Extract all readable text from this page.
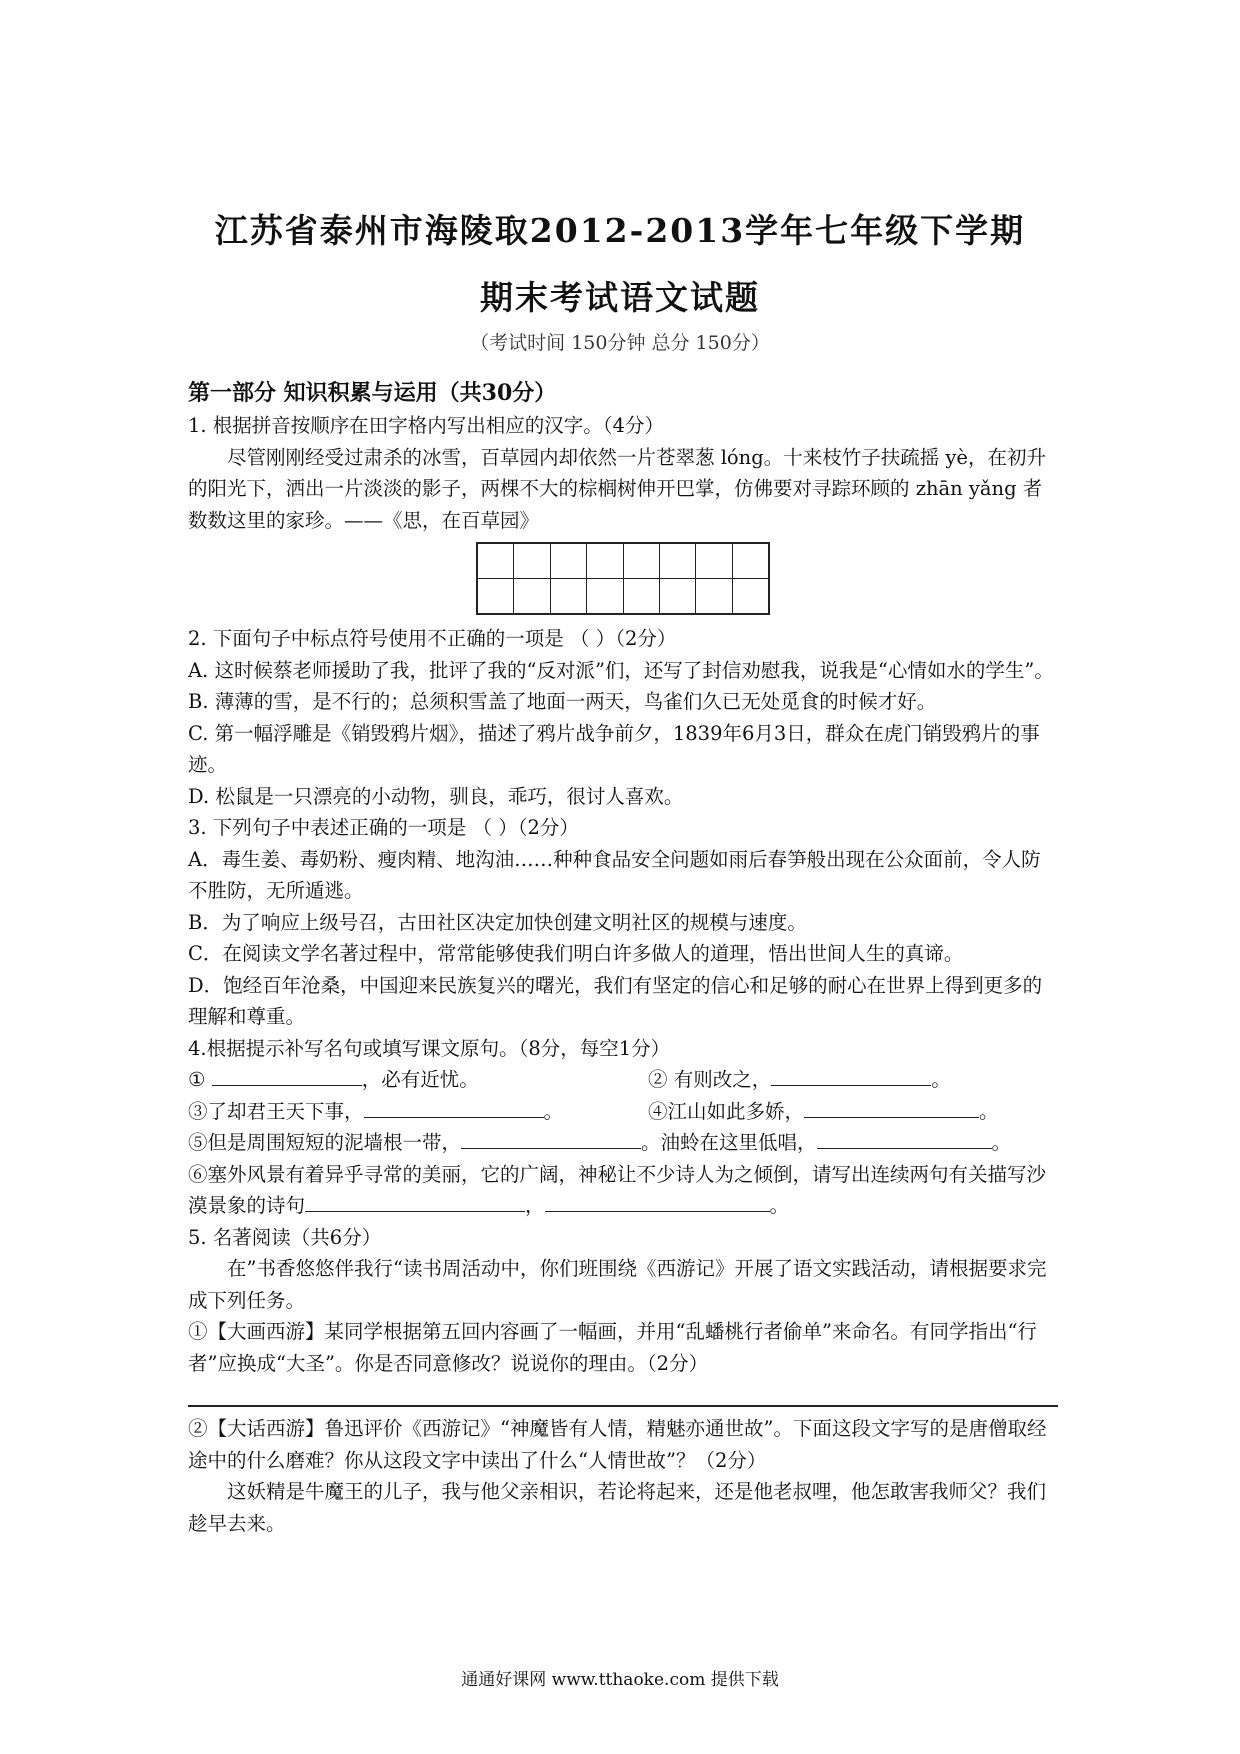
江苏省泰州市海陵取2012-2013学年七年级下学期
期末考试语文试题
（考试时间 150分钟 总分 150分）

第一部分 知识积累与运用（共30分）

1. 根据拼音按顺序在田字格内写出相应的汉字。（4分）

尽管刚刚经受过肃杀的冰雪，百草园内却依然一片苍翠葱 lóng。十来枝竹子扶疏摇 yè，在初升的阳光下，洒出一片淡淡的影子，两棵不大的棕榈树伸开巴掌，仿佛要对寻踪环顾的 zhān yǎng 者数数这里的家珍。——《思，在百草园》

2. 下面句子中标点符号使用不正确的一项是 （ ）（2分）

A. 这时候蔡老师援助了我，批评了我的“反对派”们，还写了封信劝慰我，说我是“心情如水的学生”。

B. 薄薄的雪，是不行的；总须积雪盖了地面一两天，鸟雀们久已无处觅食的时候才好。

C. 第一幅浮雕是《销毁鸦片烟》，描述了鸦片战争前夕，1839年6月3日，群众在虎门销毁鸦片的事迹。

D. 松鼠是一只漂亮的小动物，驯良，乖巧，很讨人喜欢。

3. 下列句子中表述正确的一项是 （ ）（2分）

A．毒生姜、毒奶粉、瘦肉精、地沟油……种种食品安全问题如雨后春笋般出现在公众面前，令人防不胜防，无所遁逃。

B．为了响应上级号召，古田社区决定加快创建文明社区的规模与速度。

C．在阅读文学名著过程中，常常能够使我们明白许多做人的道理，悟出世间人生的真谛。

D．饱经百年沧桑，中国迎来民族复兴的曙光，我们有坚定的信心和足够的耐心在世界上得到更多的理解和尊重。

4.根据提示补写名句或填写课文原句。（8分，每空1分）

①	，必有近忧。	② 有则改之，	。
③了却君王天下事，	。	④江山如此多娇，	。

⑤但是周围短短的泥墙根一带，	。油蛉在这里低唱，	。

⑥塞外风景有着异乎寻常的美丽，它的广阔，神秘让不少诗人为之倾倒，请写出连续两句有关描写沙漠景象的诗句	，	。

5. 名著阅读（共6分）

在”书香悠悠伴我行“读书周活动中，你们班围绕《西游记》开展了语文实践活动，请根据要求完成下列任务。

①【大画西游】某同学根据第五回内容画了一幅画，并用“乱蟠桃行者偷单”来命名。有同学指出“行者”应换成“大圣”。你是否同意修改？说说你的理由。（2分）

②【大话西游】鲁迅评价《西游记》“神魔皆有人情，精魅亦通世故”。下面这段文字写的是唐僧取经途中的什么磨难？你从这段文字中读出了什么“人情世故”？（2分）

这妖精是牛魔王的儿子，我与他父亲相识，若论将起来，还是他老叔哩，他怎敢害我师父？我们趁早去来。

通通好课网 www.tthaoke.com 提供下载
